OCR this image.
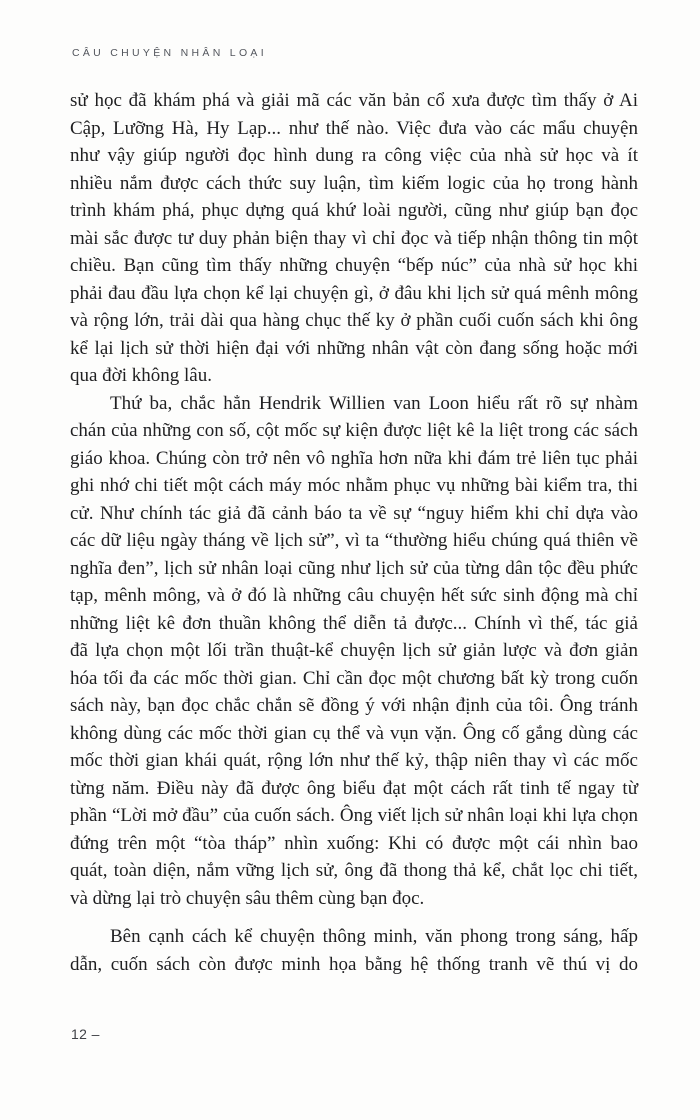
CÂU CHUYỆN NHÂN LOẠI
sử học đã khám phá và giải mã các văn bản cổ xưa được tìm thấy ở Ai
Cập, Lưỡng Hà, Hy Lạp... như thế nào. Việc đưa vào các mẩu chuyện
như vậy giúp người đọc hình dung ra công việc của nhà sử học và ít
nhiều nắm được cách thức suy luận, tìm kiếm logic của họ trong hành
trình khám phá, phục dựng quá khứ loài người, cũng như giúp bạn đọc
mài sắc được tư duy phản biện thay vì chỉ đọc và tiếp nhận thông tin một
chiều. Bạn cũng tìm thấy những chuyện “bếp núc” của nhà sử học khi
phải đau đầu lựa chọn kể lại chuyện gì, ở đâu khi lịch sử quá mênh mông
và rộng lớn, trải dài qua hàng chục thế ky ở phần cuối cuốn sách khi ông
kể lại lịch sử thời hiện đại với những nhân vật còn đang sống hoặc mới
qua đời không lâu.
Thứ ba, chắc hẳn Hendrik Willien van Loon hiểu rất rõ sự nhàm
chán của những con số, cột mốc sự kiện được liệt kê la liệt trong các sách
giáo khoa. Chúng còn trở nên vô nghĩa hơn nữa khi đám trẻ liên tục phải
ghi nhớ chi tiết một cách máy móc nhằm phục vụ những bài kiểm tra, thi
cử. Như chính tác giả đã cảnh báo ta về sự “nguy hiểm khi chỉ dựa vào
các dữ liệu ngày tháng về lịch sử”, vì ta “thường hiểu chúng quá thiên về
nghĩa đen”, lịch sử nhân loại cũng như lịch sử của từng dân tộc đều phức
tạp, mênh mông, và ở đó là những câu chuyện hết sức sinh động mà chỉ
những liệt kê đơn thuần không thể diễn tả được... Chính vì thế, tác giả
đã lựa chọn một lối trần thuật-kể chuyện lịch sử giản lược và đơn giản
hóa tối đa các mốc thời gian. Chỉ cần đọc một chương bất kỳ trong cuốn
sách này, bạn đọc chắc chắn sẽ đồng ý với nhận định của tôi. Ông tránh
không dùng các mốc thời gian cụ thể và vụn vặn. Ông cố gắng dùng các
mốc thời gian khái quát, rộng lớn như thế kỷ, thập niên thay vì các mốc
từng năm. Điều này đã được ông biểu đạt một cách rất tinh tế ngay từ
phần “Lời mở đầu” của cuốn sách. Ông viết lịch sử nhân loại khi lựa chọn
đứng trên một “tòa tháp” nhìn xuống: Khi có được một cái nhìn bao
quát, toàn diện, nắm vững lịch sử, ông đã thong thả kể, chắt lọc chi tiết,
và dừng lại trò chuyện sâu thêm cùng bạn đọc.
Bên cạnh cách kể chuyện thông minh, văn phong trong sáng, hấp
dẫn, cuốn sách còn được minh họa bằng hệ thống tranh vẽ thú vị do
12 –
